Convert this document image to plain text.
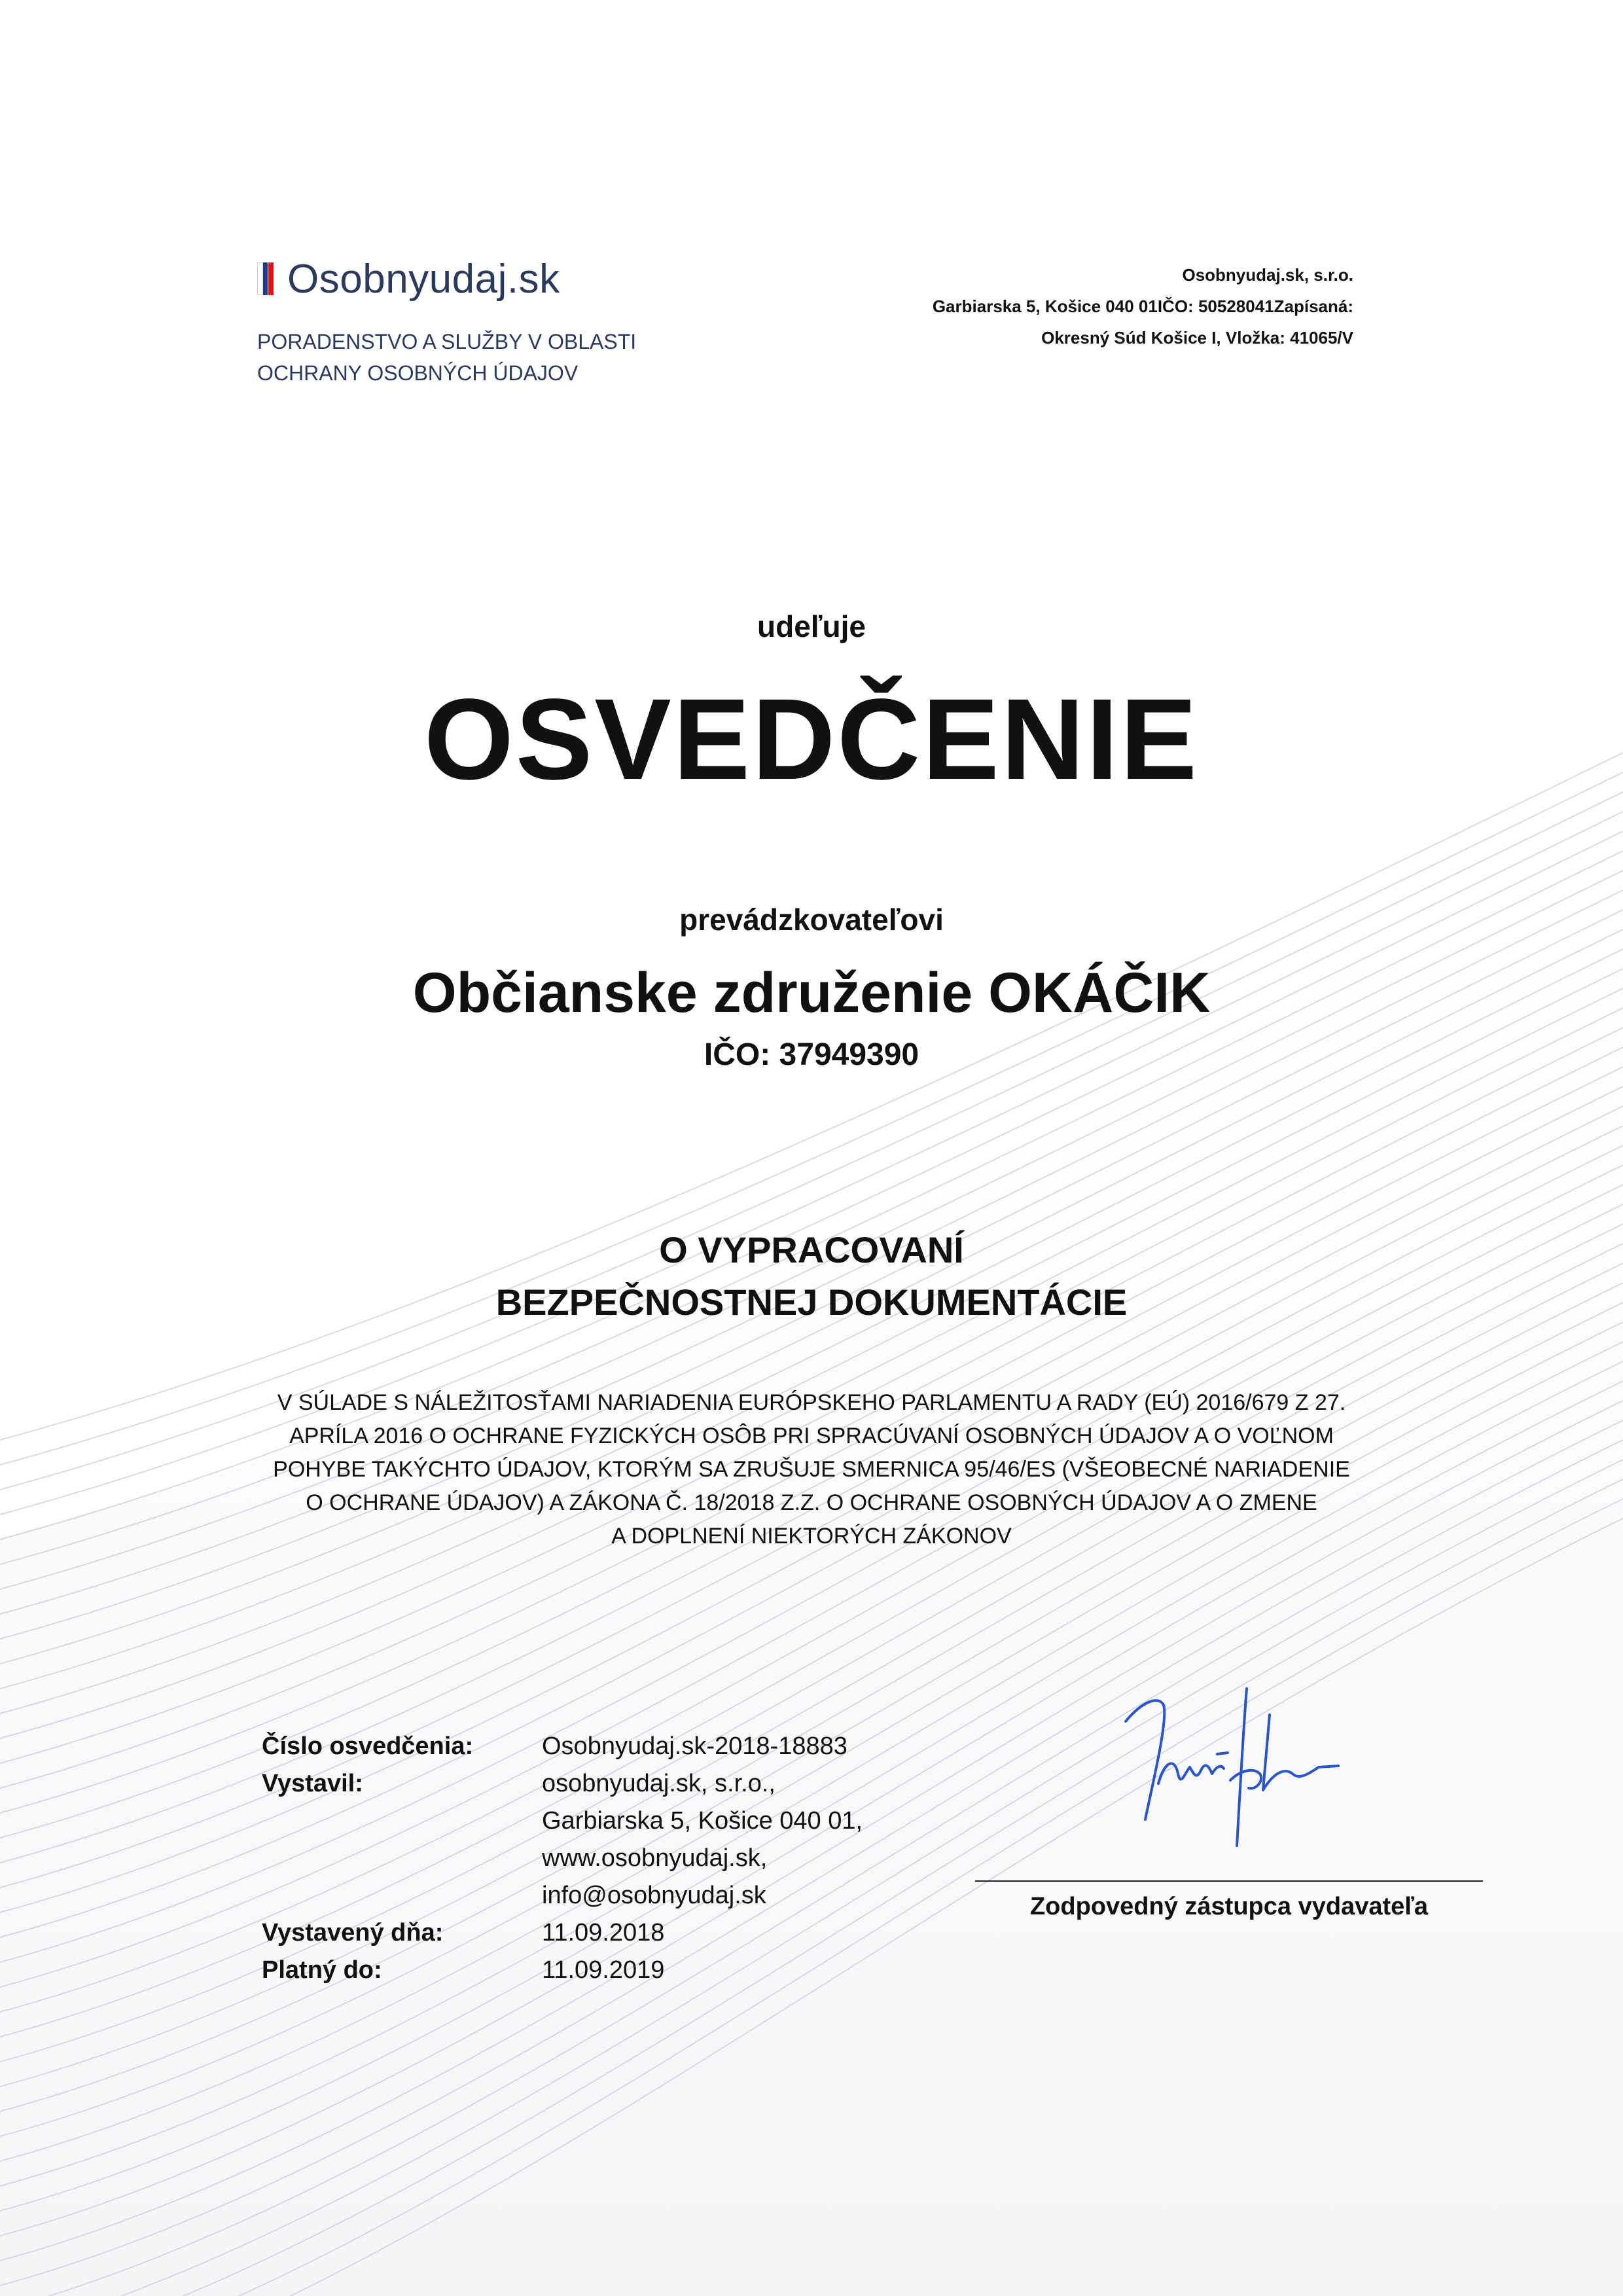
Osobnyudaj.sk
PORADENSTVO A SLUŽBY V OBLASTI
OCHRANY OSOBNÝCH ÚDAJOV
Osobnyudaj.sk, s.r.o.
Garbiarska 5, Košice 040 01IČO: 50528041Zapísaná:
Okresný Súd Košice I, Vložka: 41065/V
udeľuje
OSVEDČENIE
prevádzkovateľovi
Občianske združenie OKÁČIK
IČO: 37949390
O VYPRACOVANÍ
BEZPEČNOSTNEJ DOKUMENTÁCIE
V SÚLADE S NÁLEŽITOSŤAMI NARIADENIA EURÓPSKEHO PARLAMENTU A RADY (EÚ) 2016/679 Z 27.
APRÍLA 2016 O OCHRANE FYZICKÝCH OSÔB PRI SPRACÚVANÍ OSOBNÝCH ÚDAJOV A O VOĽNOM
POHYBE TAKÝCHTO ÚDAJOV, KTORÝM SA ZRUŠUJE SMERNICA 95/46/ES (VŠEOBECNÉ NARIADENIE
O OCHRANE ÚDAJOV) A ZÁKONA Č. 18/2018 Z.Z. O OCHRANE OSOBNÝCH ÚDAJOV A O ZMENE
A DOPLNENÍ NIEKTORÝCH ZÁKONOV
Číslo osvedčenia:	Osobnyudaj.sk-2018-18883
Vystavil:	osobnyudaj.sk, s.r.o.,
Garbiarska 5, Košice 040 01,
www.osobnyudaj.sk,
info@osobnyudaj.sk
Vystavený dňa:	11.09.2018
Platný do:	11.09.2019
Zodpovedný zástupca vydavateľa
